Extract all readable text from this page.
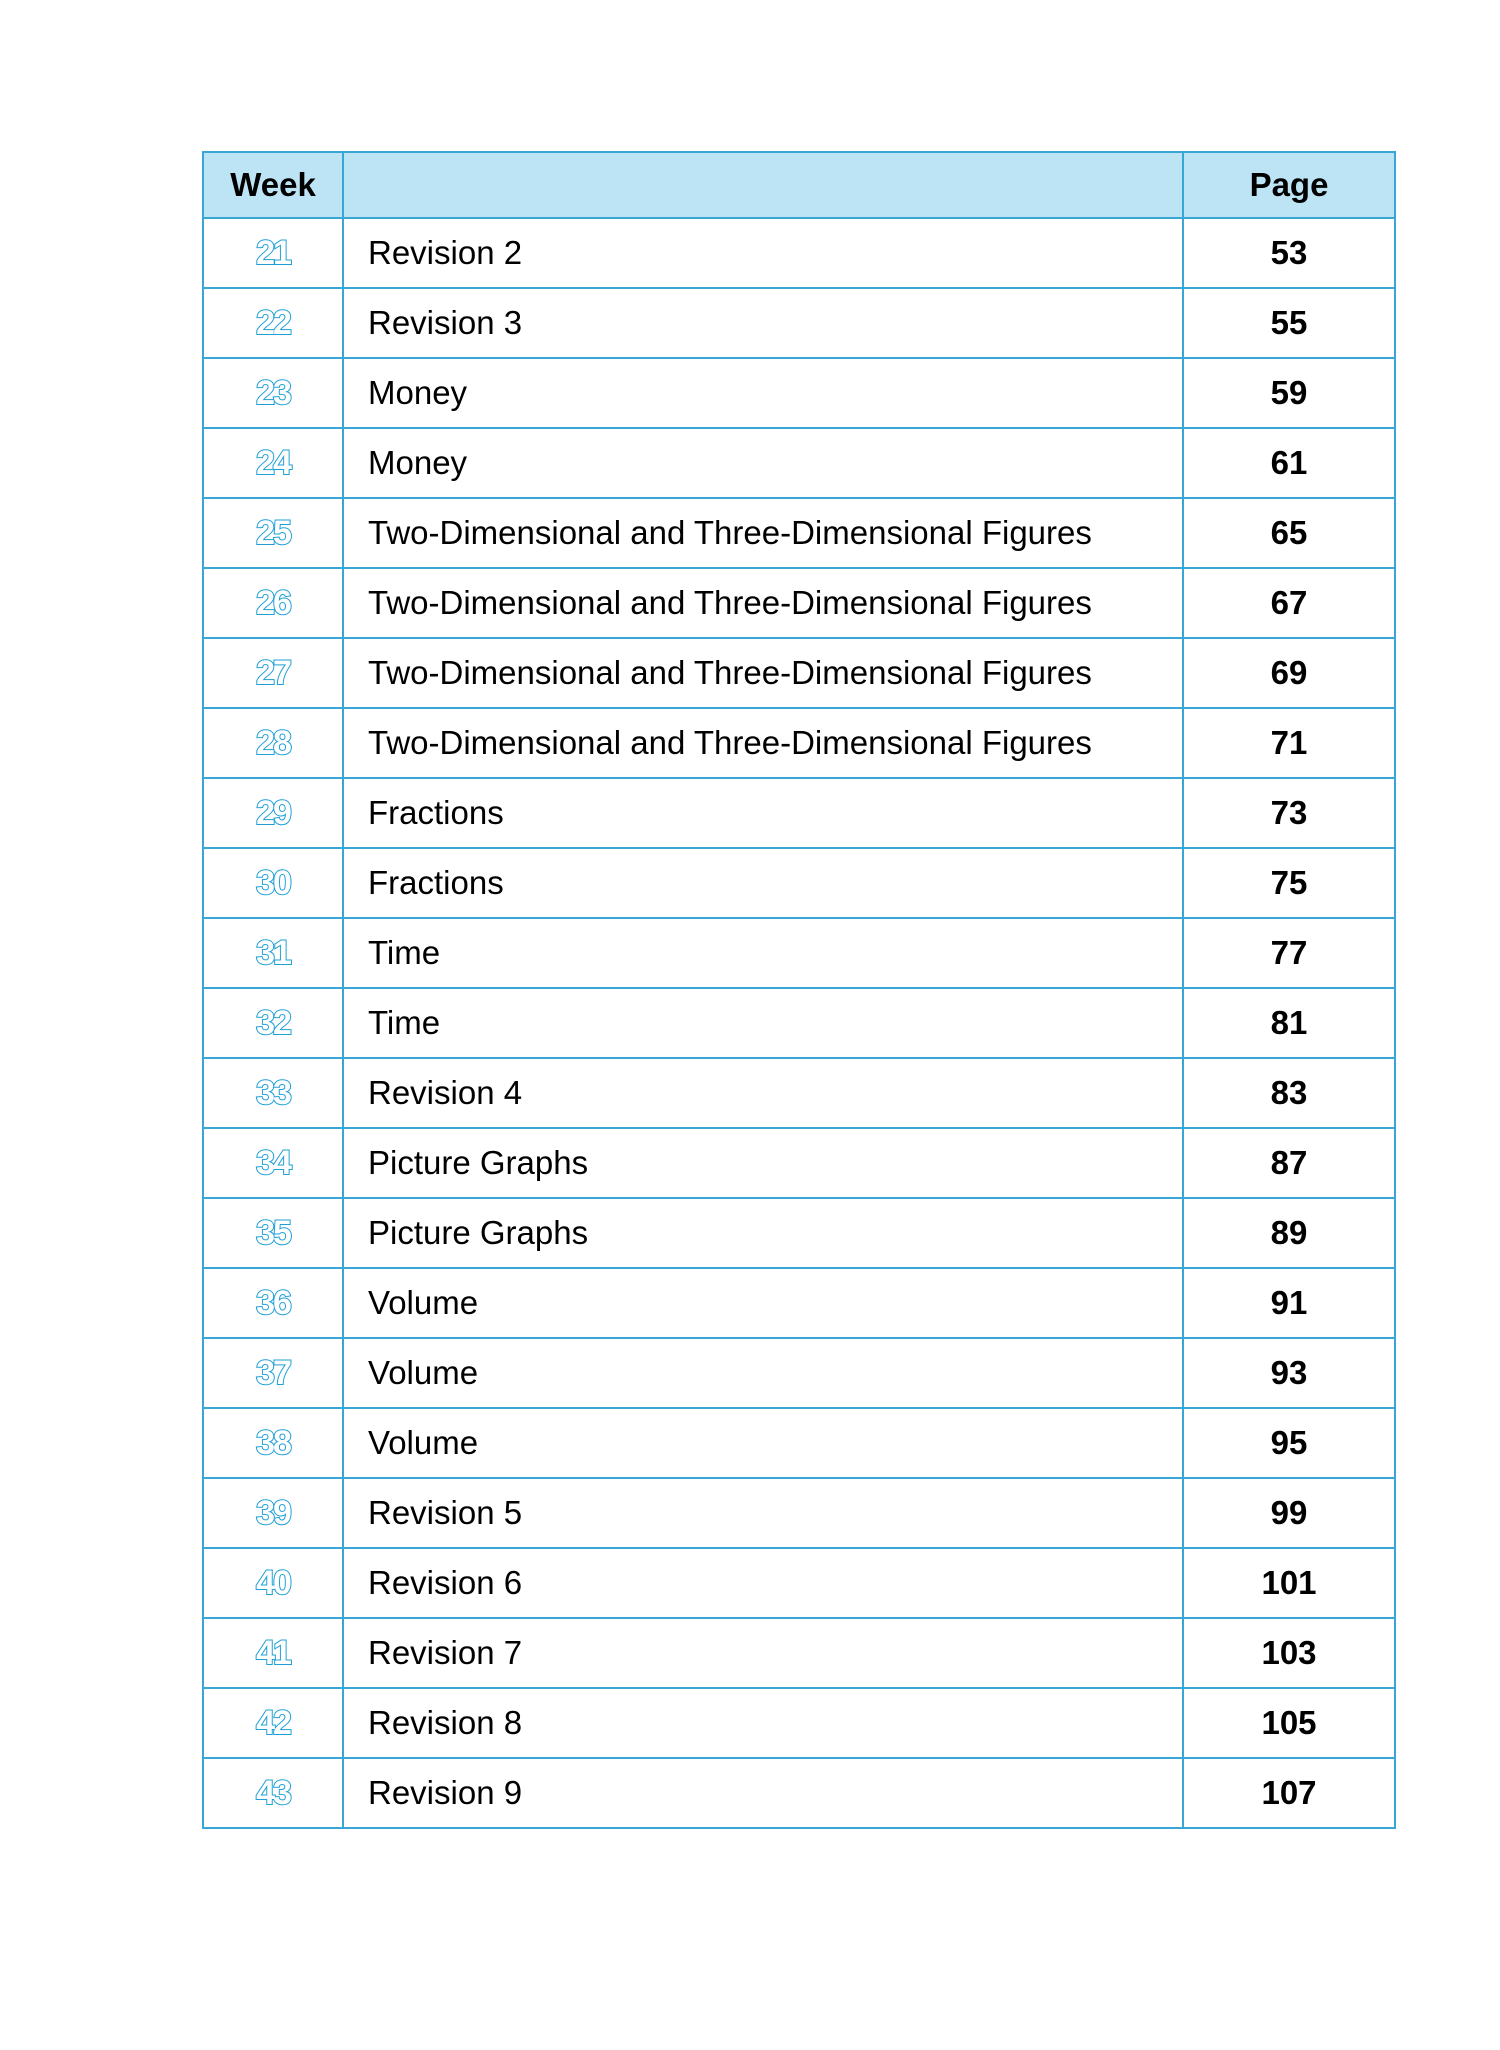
Week		Page
21	Revision 2	53
22	Revision 3	55
23	Money	59
24	Money	61
25	Two-Dimensional and Three-Dimensional Figures	65
26	Two-Dimensional and Three-Dimensional Figures	67
27	Two-Dimensional and Three-Dimensional Figures	69
28	Two-Dimensional and Three-Dimensional Figures	71
29	Fractions	73
30	Fractions	75
31	Time	77
32	Time	81
33	Revision 4	83
34	Picture Graphs	87
35	Picture Graphs	89
36	Volume	91
37	Volume	93
38	Volume	95
39	Revision 5	99
40	Revision 6	101
41	Revision 7	103
42	Revision 8	105
43	Revision 9	107
